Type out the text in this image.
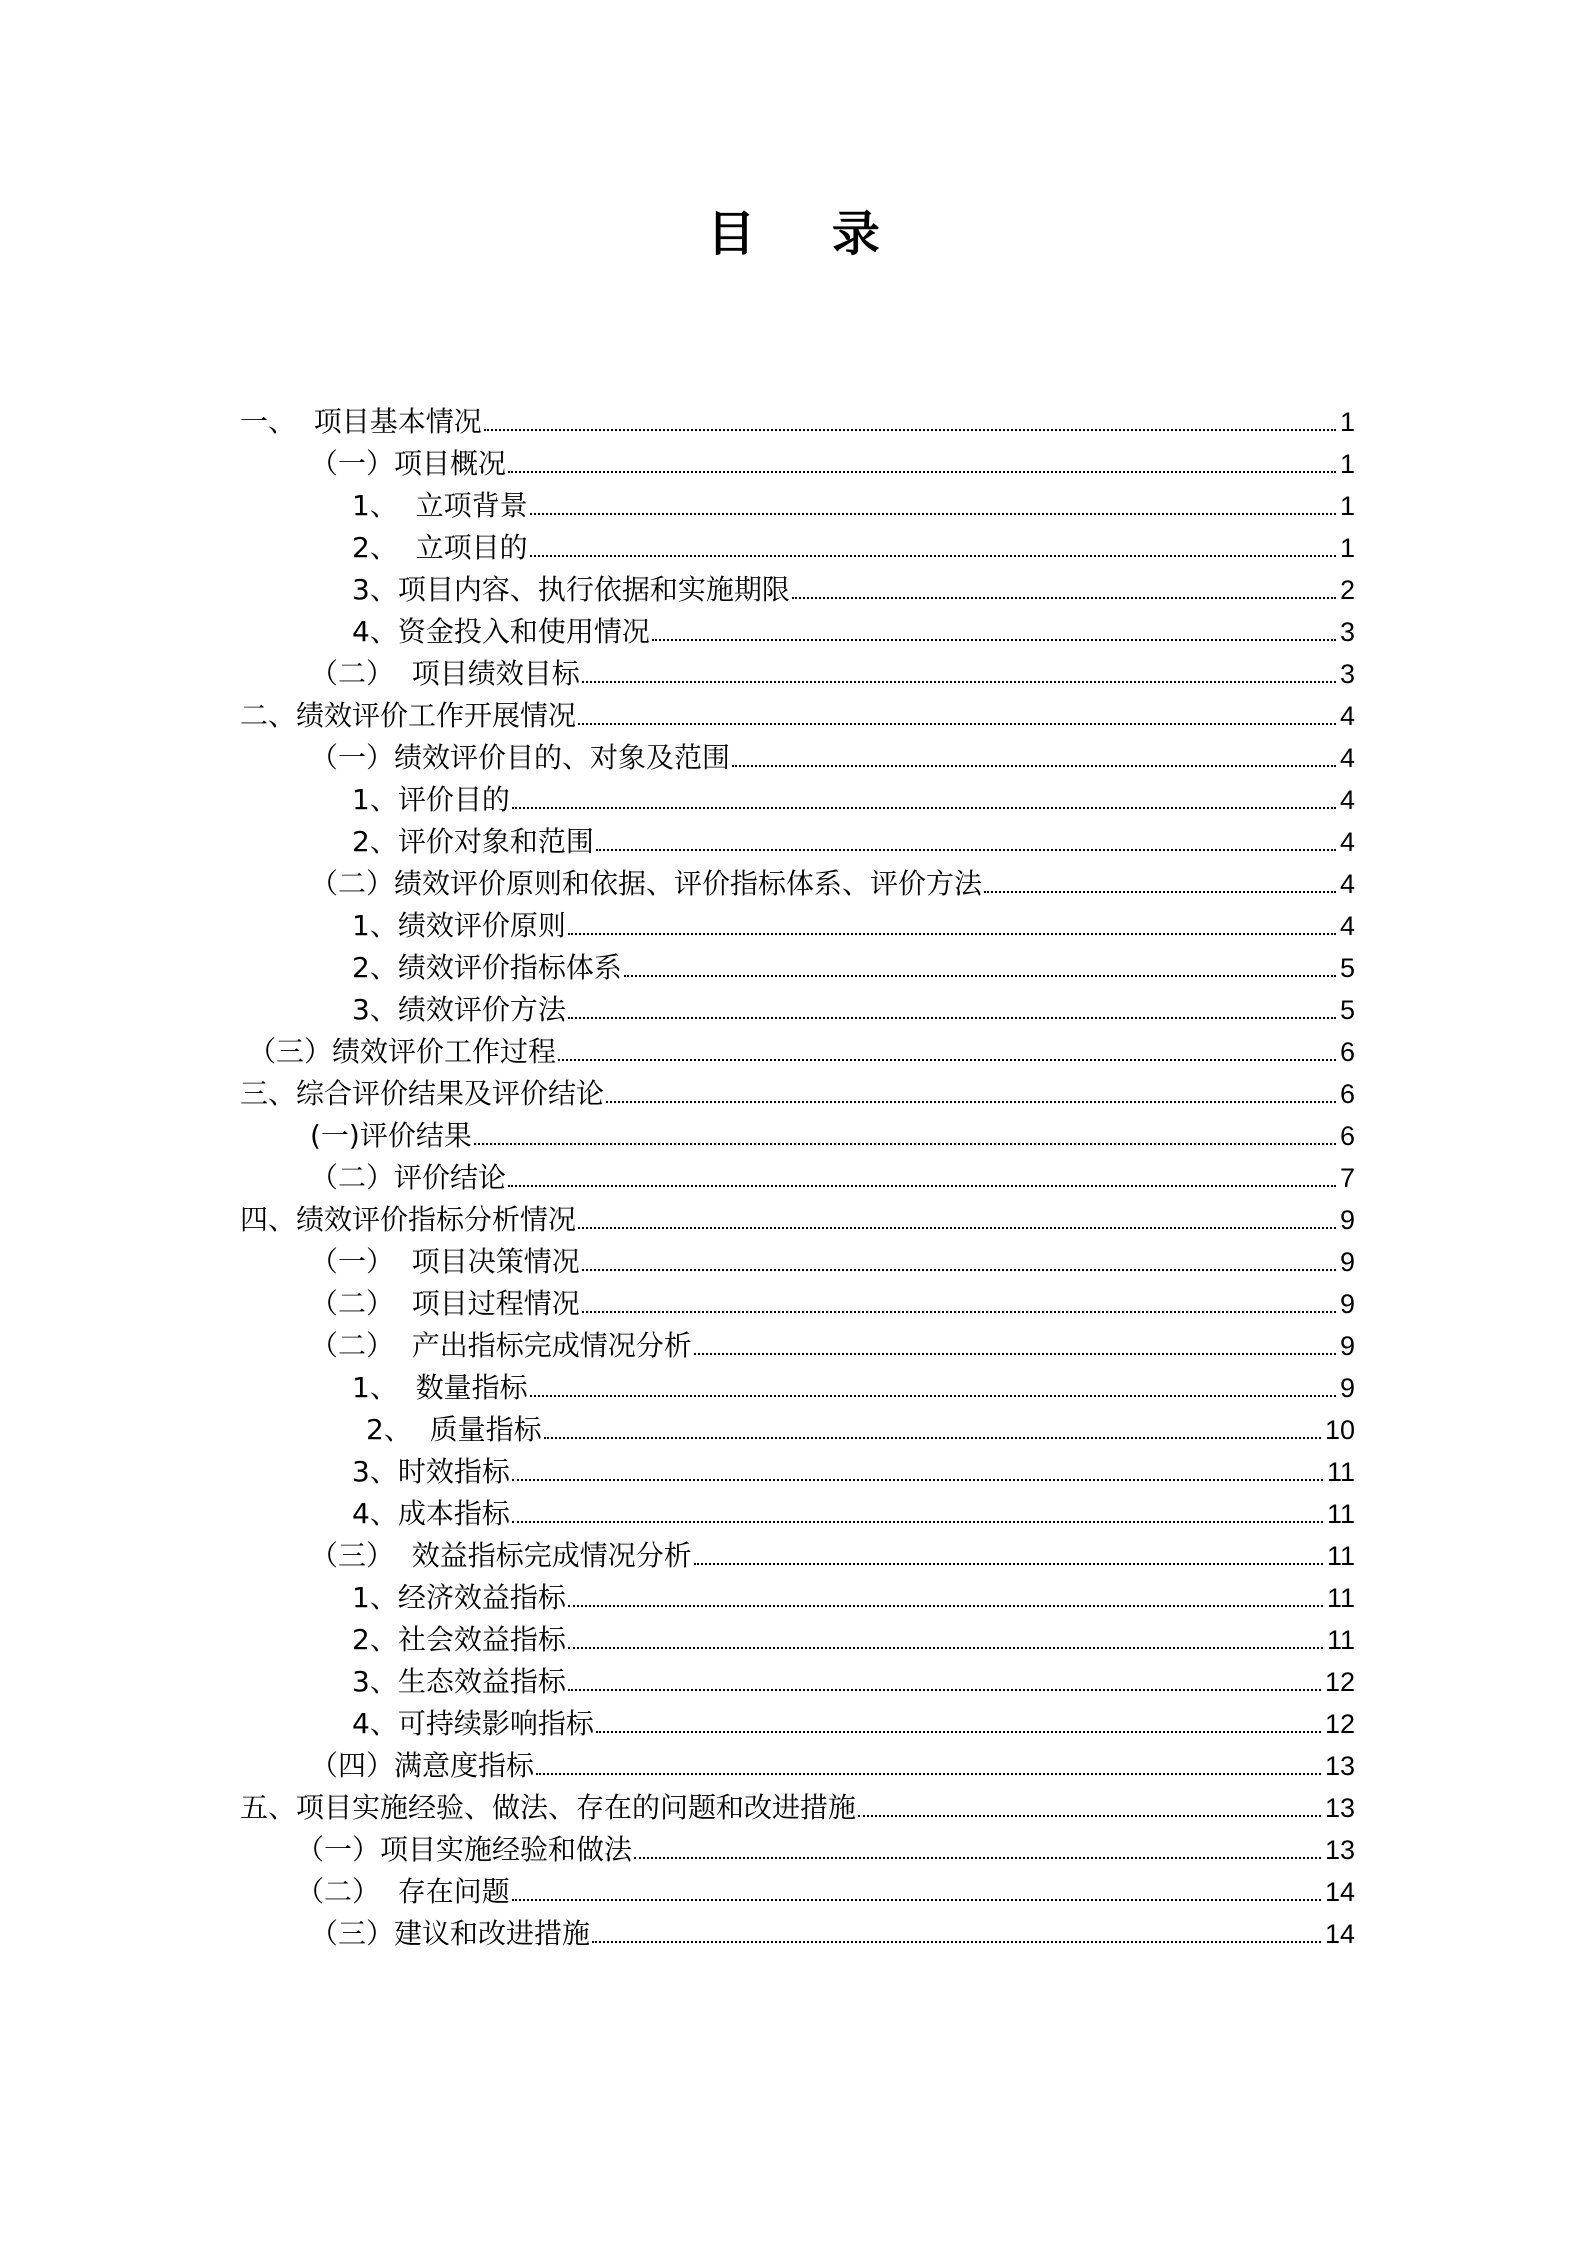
目 录
一、  项目基本情况	1
（一）项目概况	1
1、  立项背景	1
2、  立项目的	1
3、项目内容、执行依据和实施期限	2
4、资金投入和使用情况	3
（二）  项目绩效目标	3
二、绩效评价工作开展情况	4
（一）绩效评价目的、对象及范围	4
1、评价目的	4
2、评价对象和范围	4
（二）绩效评价原则和依据、评价指标体系、评价方法	4
1、绩效评价原则	4
2、绩效评价指标体系	5
3、绩效评价方法	5
（三）绩效评价工作过程	6
三、综合评价结果及评价结论	6
(一)评价结果	6
（二）评价结论	7
四、绩效评价指标分析情况	9
（一）  项目决策情况	9
（二）  项目过程情况	9
（二）  产出指标完成情况分析	9
1、  数量指标	9
2、  质量指标	10
3、时效指标	11
4、成本指标	11
（三）  效益指标完成情况分析	11
1、经济效益指标	11
2、社会效益指标	11
3、生态效益指标	12
4、可持续影响指标	12
（四）满意度指标	13
五、项目实施经验、做法、存在的问题和改进措施	13
（一）项目实施经验和做法	13
（二）  存在问题	14
（三）建议和改进措施	14
